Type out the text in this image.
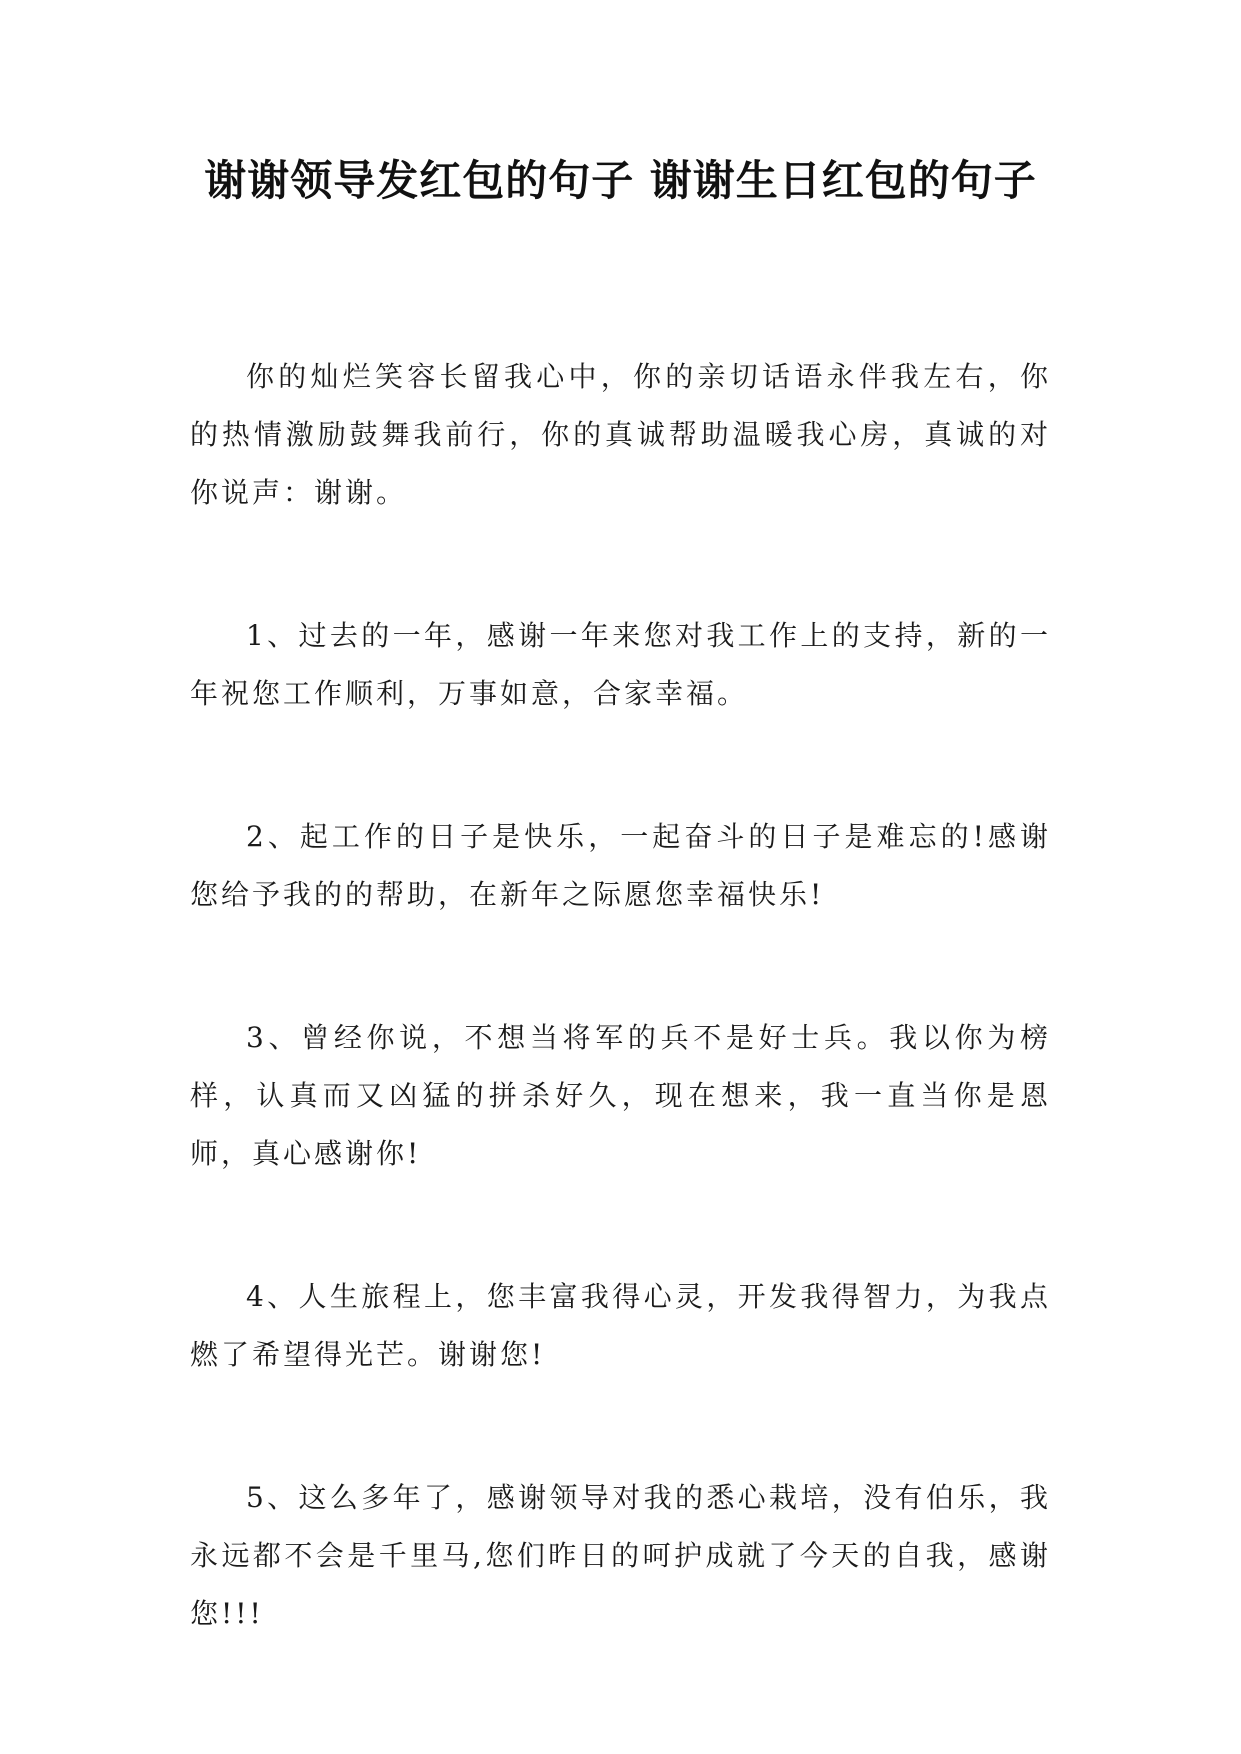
谢谢领导发红包的句子 谢谢生日红包的句子

你的灿烂笑容长留我心中，你的亲切话语永伴我左右，你的热情激励鼓舞我前行，你的真诚帮助温暖我心房，真诚的对你说声：谢谢。

1、过去的一年，感谢一年来您对我工作上的支持，新的一年祝您工作顺利，万事如意，合家幸福。

2、起工作的日子是快乐，一起奋斗的日子是难忘的!感谢您给予我的的帮助，在新年之际愿您幸福快乐!

3、曾经你说，不想当将军的兵不是好士兵。我以你为榜样，认真而又凶猛的拼杀好久，现在想来，我一直当你是恩师，真心感谢你!

4、人生旅程上，您丰富我得心灵，开发我得智力，为我点燃了希望得光芒。谢谢您!

5、这么多年了，感谢领导对我的悉心栽培，没有伯乐，我永远都不会是千里马,您们昨日的呵护成就了今天的自我，感谢您!!!
